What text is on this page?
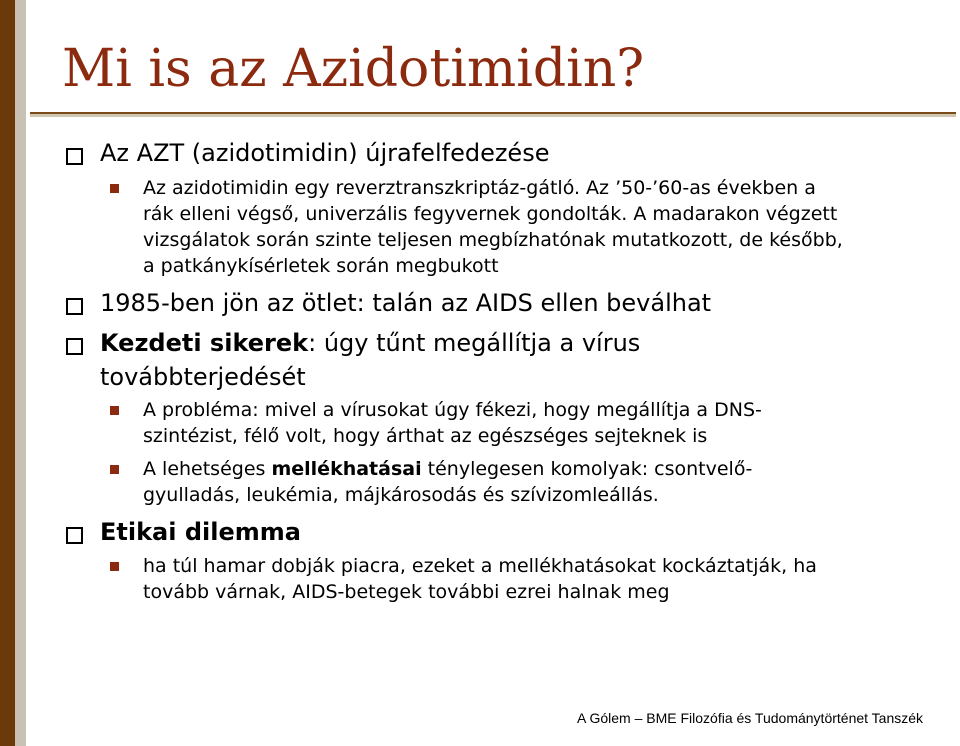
Mi is az Azidotimidin?
Az AZT (azidotimidin) újrafelfedezése
Az azidotimidin egy reverztranszkriptáz-gátló. Az ’50-’60-as években a
rák elleni végső, univerzális fegyvernek gondolták. A madarakon végzett
vizsgálatok során szinte teljesen megbízhatónak mutatkozott, de később,
a patkánykísérletek során megbukott
1985-ben jön az ötlet: talán az AIDS ellen beválhat
Kezdeti sikerek: úgy tűnt megállítja a vírus
továbbterjedését
A probléma: mivel a vírusokat úgy fékezi, hogy megállítja a DNS-
szintézist, félő volt, hogy árthat az egészséges sejteknek is
A lehetséges mellékhatásai ténylegesen komolyak: csontvelő-
gyulladás, leukémia, májkárosodás és szívizomleállás.
Etikai dilemma
ha túl hamar dobják piacra, ezeket a mellékhatásokat kockáztatják, ha
tovább várnak, AIDS-betegek további ezrei halnak meg
A Gólem – BME Filozófia és Tudománytörténet Tanszék
